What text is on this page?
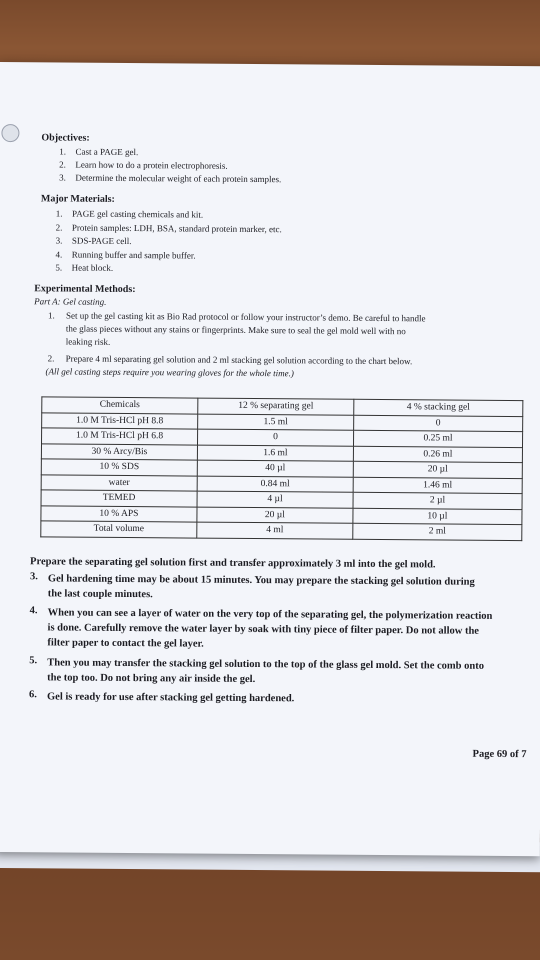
Objectives:
1. Cast a PAGE gel.
2. Learn how to do a protein electrophoresis.
3. Determine the molecular weight of each protein samples.
Major Materials:
1. PAGE gel casting chemicals and kit.
2. Protein samples: LDH, BSA, standard protein marker, etc.
3. SDS-PAGE cell.
4. Running buffer and sample buffer.
5. Heat block.
Experimental Methods:
Part A: Gel casting.
1. Set up the gel casting kit as Bio Rad protocol or follow your instructor’s demo. Be careful to handle
the glass pieces without any stains or fingerprints. Make sure to seal the gel mold well with no
leaking risk.
2. Prepare 4 ml separating gel solution and 2 ml stacking gel solution according to the chart below.
(All gel casting steps require you wearing gloves for the whole time.)
Chemicals	12 % separating gel	4 % stacking gel
1.0 M Tris-HCl pH 8.8	1.5 ml	0
1.0 M Tris-HCl pH 6.8	0	0.25 ml
30 % Arcy/Bis	1.6 ml	0.26 ml
10 % SDS	40 µl	20 µl
water	0.84 ml	1.46 ml
TEMED	4 µl	2 µl
10 % APS	20 µl	10 µl
Total volume	4 ml	2 ml
Prepare the separating gel solution first and transfer approximately 3 ml into the gel mold.
3. Gel hardening time may be about 15 minutes. You may prepare the stacking gel solution during
the last couple minutes.
4. When you can see a layer of water on the very top of the separating gel, the polymerization reaction
is done. Carefully remove the water layer by soak with tiny piece of filter paper. Do not allow the
filter paper to contact the gel layer.
5. Then you may transfer the stacking gel solution to the top of the glass gel mold. Set the comb onto
the top too. Do not bring any air inside the gel.
6. Gel is ready for use after stacking gel getting hardened.
Page 69 of 7
